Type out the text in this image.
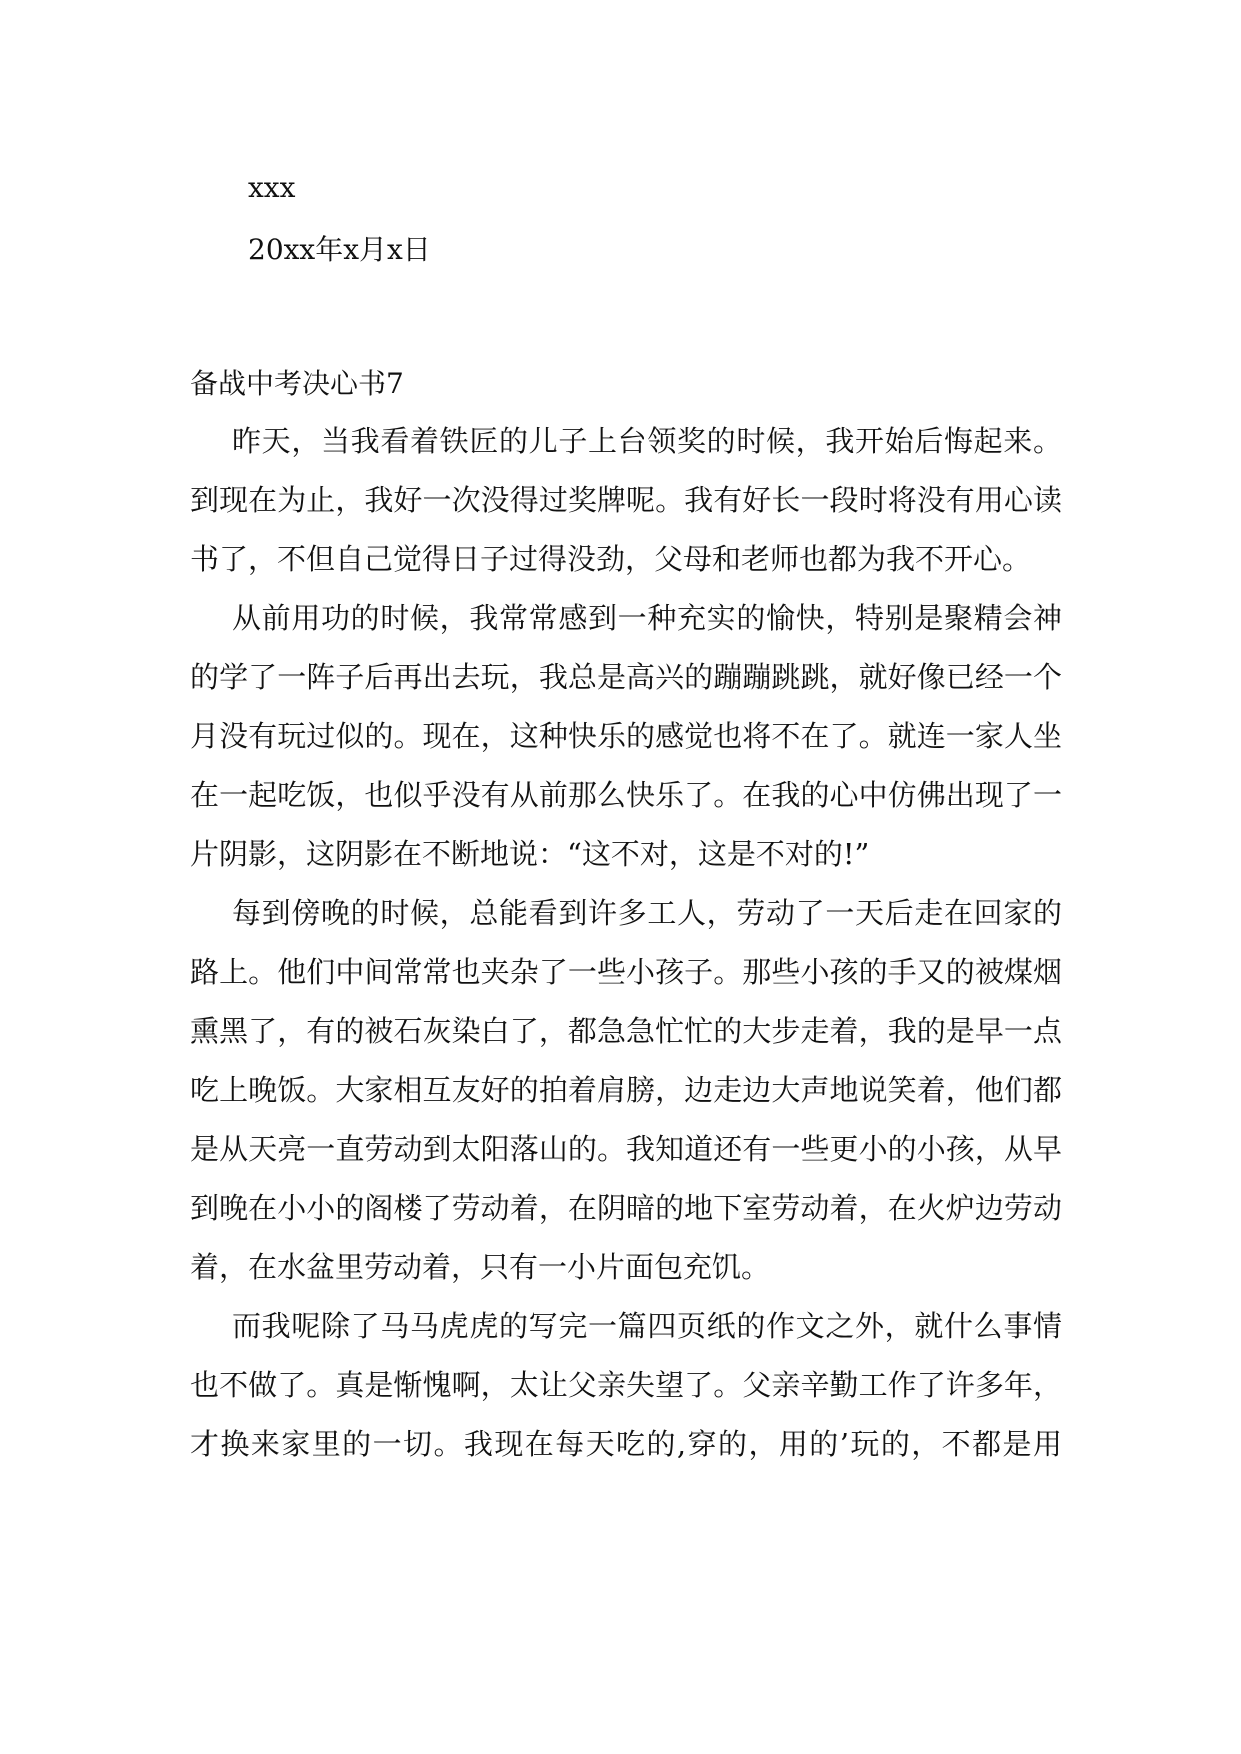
xxx
20xx年x月x日
备战中考决心书7

昨天，当我看着铁匠的儿子上台领奖的时候，我开始后悔起来。
到现在为止，我好一次没得过奖牌呢。我有好长一段时将没有用心读
书了，不但自己觉得日子过得没劲，父母和老师也都为我不开心。

从前用功的时候，我常常感到一种充实的愉快，特别是聚精会神
的学了一阵子后再出去玩，我总是高兴的蹦蹦跳跳，就好像已经一个
月没有玩过似的。现在，这种快乐的感觉也将不在了。就连一家人坐
在一起吃饭，也似乎没有从前那么快乐了。在我的心中仿佛出现了一
片阴影，这阴影在不断地说：“这不对，这是不对的!”

每到傍晚的时候，总能看到许多工人，劳动了一天后走在回家的
路上。他们中间常常也夹杂了一些小孩子。那些小孩的手又的被煤烟
熏黑了，有的被石灰染白了，都急急忙忙的大步走着，我的是早一点
吃上晚饭。大家相互友好的拍着肩膀，边走边大声地说笑着，他们都
是从天亮一直劳动到太阳落山的。我知道还有一些更小的小孩，从早
到晚在小小的阁楼了劳动着，在阴暗的地下室劳动着，在火炉边劳动
着，在水盆里劳动着，只有一小片面包充饥。

而我呢除了马马虎虎的写完一篇四页纸的作文之外，就什么事情
也不做了。真是惭愧啊，太让父亲失望了。父亲辛勤工作了许多年，
才换来家里的一切。我现在每天吃的,穿的，用的’玩的，不都是用
